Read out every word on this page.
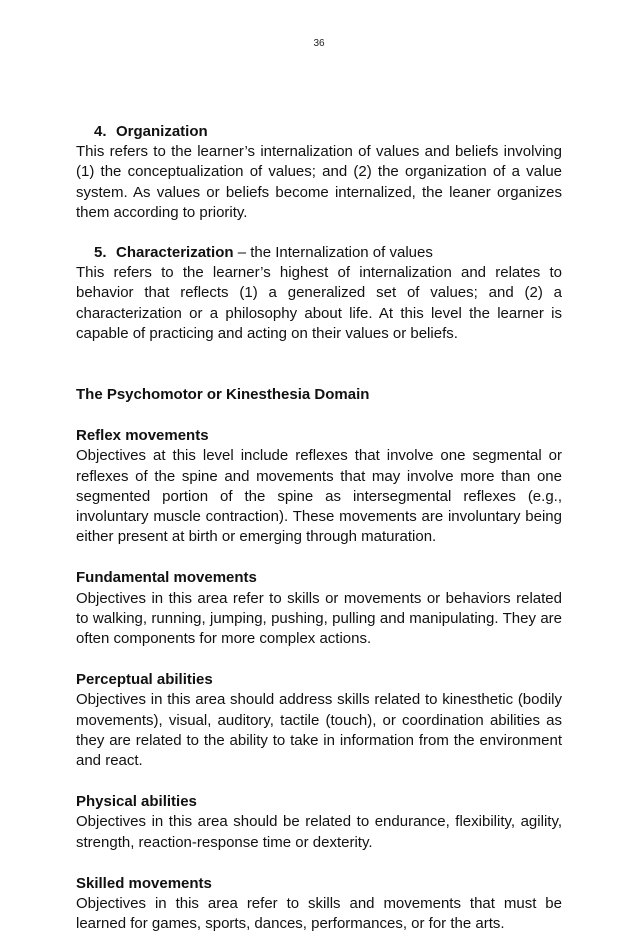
36

4. Organization

This refers to the learner’s internalization of values and beliefs involving (1) the conceptualization of values; and (2) the organization of a value system. As values or beliefs become internalized, the leaner organizes them according to priority.

5. Characterization – the Internalization of values

This refers to the learner’s highest of internalization and relates to behavior that reflects (1) a generalized set of values; and (2) a characterization or a philosophy about life. At this level the learner is capable of practicing and acting on their values or beliefs.

The Psychomotor or Kinesthesia Domain

Reflex movements

Objectives at this level include reflexes that involve one segmental or reflexes of the spine and movements that may involve more than one segmented portion of the spine as intersegmental reflexes (e.g., involuntary muscle contraction). These movements are involuntary being either present at birth or emerging through maturation.

Fundamental movements

Objectives in this area refer to skills or movements or behaviors related to walking, running, jumping, pushing, pulling and manipulating. They are often components for more complex actions.

Perceptual abilities

Objectives in this area should address skills related to kinesthetic (bodily movements), visual, auditory, tactile (touch), or coordination abilities as they are related to the ability to take in information from the environment and react.

Physical abilities

Objectives in this area should be related to endurance, flexibility, agility, strength, reaction-response time or dexterity.

Skilled movements

Objectives in this area refer to skills and movements that must be learned for games, sports, dances, performances, or for the arts.
